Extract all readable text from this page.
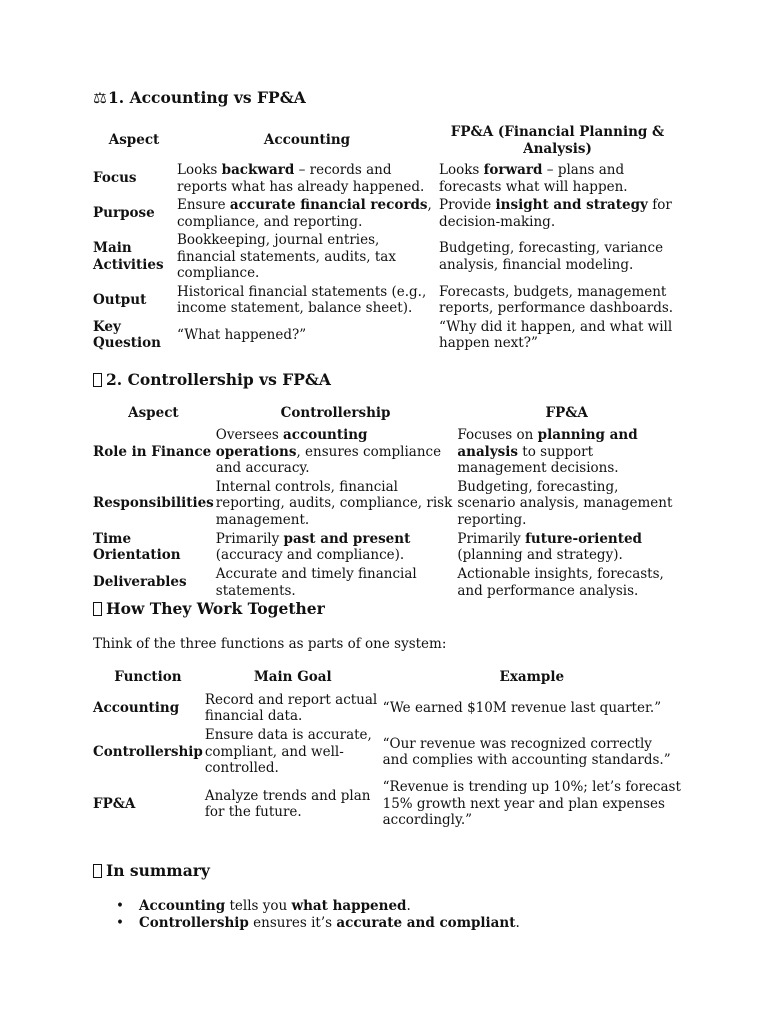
⚖1. Accounting vs FP&A
Aspect	Accounting	FP&A (Financial Planning & Analysis)
Focus	Looks backward – records and reports what has already happened.	Looks forward – plans and forecasts what will happen.
Purpose	Ensure accurate financial records, compliance, and reporting.	Provide insight and strategy for decision-making.
Main Activities	Bookkeeping, journal entries, financial statements, audits, tax compliance.	Budgeting, forecasting, variance analysis, financial modeling.
Output	Historical financial statements (e.g., income statement, balance sheet).	Forecasts, budgets, management reports, performance dashboards.
Key Question	“What happened?”	“Why did it happen, and what will happen next?”
2. Controllership vs FP&A
Aspect	Controllership	FP&A
Role in Finance	Oversees accounting operations, ensures compliance and accuracy.	Focuses on planning and analysis to support management decisions.
Responsibilities	Internal controls, financial reporting, audits, compliance, risk management.	Budgeting, forecasting, scenario analysis, management reporting.
Time Orientation	Primarily past and present (accuracy and compliance).	Primarily future-oriented (planning and strategy).
Deliverables	Accurate and timely financial statements.	Actionable insights, forecasts, and performance analysis.
How They Work Together
Think of the three functions as parts of one system:
Function	Main Goal	Example
Accounting	Record and report actual financial data.	“We earned $10M revenue last quarter.”
Controllership	Ensure data is accurate, compliant, and well-controlled.	“Our revenue was recognized correctly and complies with accounting standards.”
FP&A	Analyze trends and plan for the future.	“Revenue is trending up 10%; let’s forecast 15% growth next year and plan expenses accordingly.”
In summary
• Accounting tells you what happened.
• Controllership ensures it’s accurate and compliant.
